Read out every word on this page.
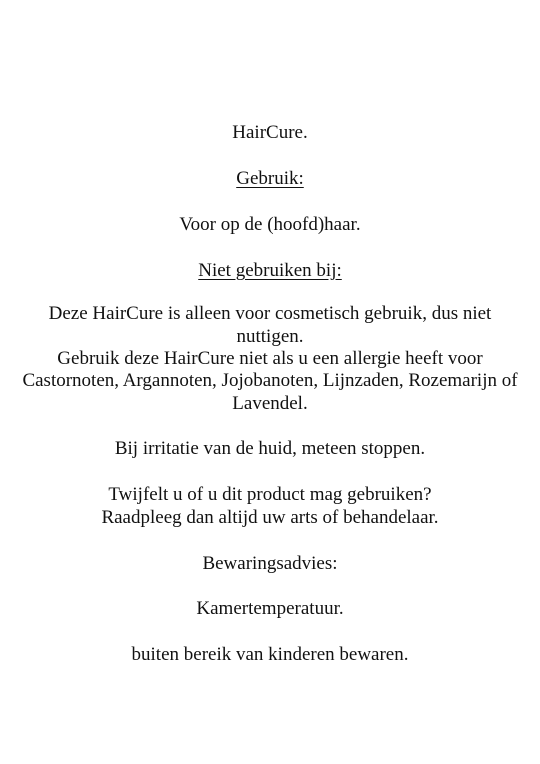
HairCure.
Gebruik:
Voor op de (hoofd)haar.
Niet gebruiken bij:
Deze HairCure is alleen voor cosmetisch gebruik, dus niet
nuttigen.
Gebruik deze HairCure niet als u een allergie heeft voor
Castornoten, Argannoten, Jojobanoten, Lijnzaden, Rozemarijn of
Lavendel.
Bij irritatie van de huid, meteen stoppen.
Twijfelt u of u dit product mag gebruiken?
Raadpleeg dan altijd uw arts of behandelaar.
Bewaringsadvies:
Kamertemperatuur.
buiten bereik van kinderen bewaren.
